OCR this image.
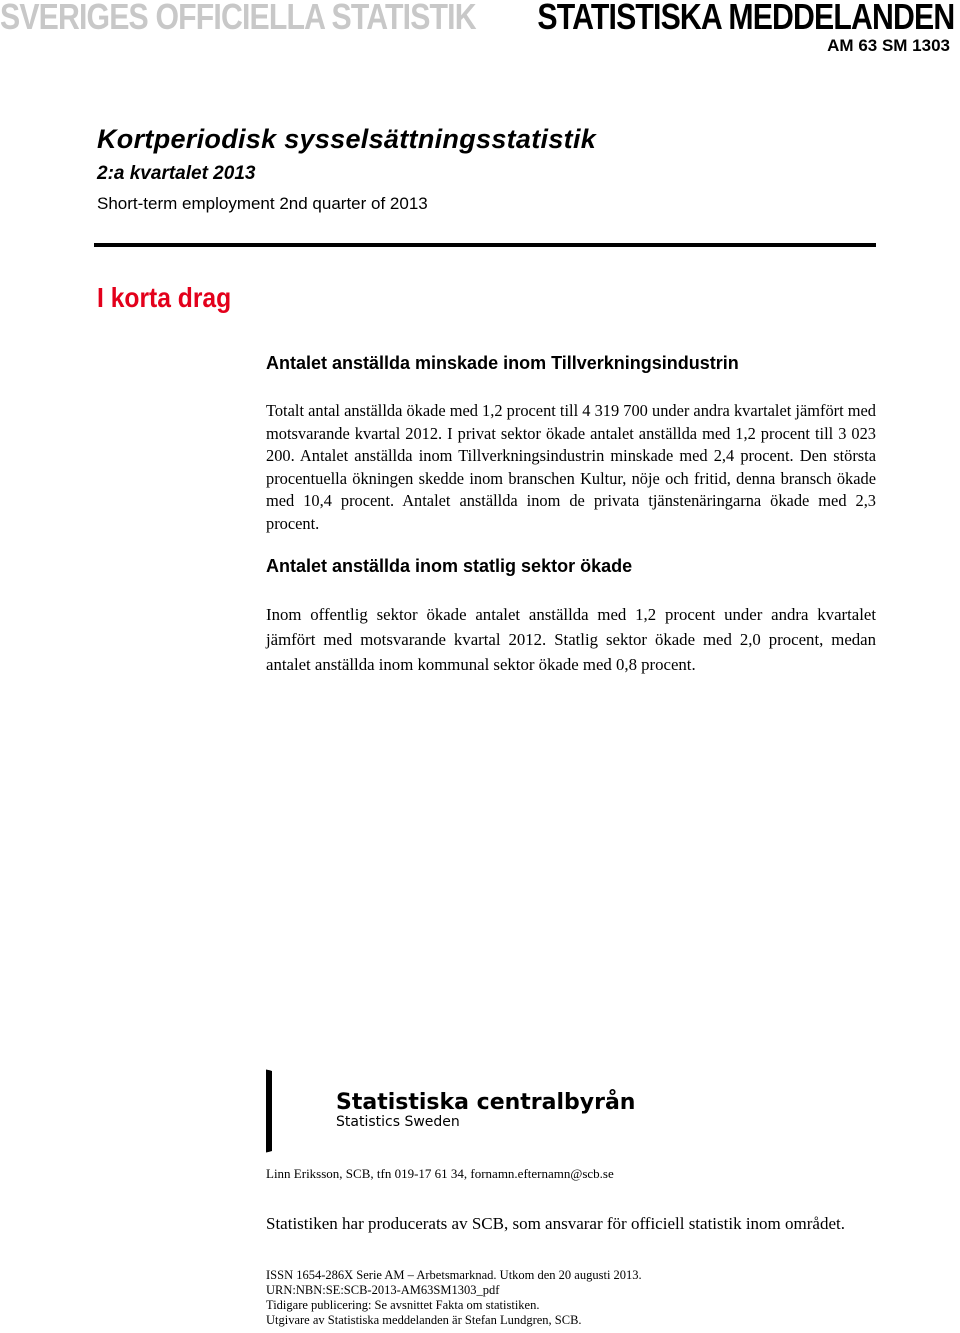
SVERIGES OFFICIELLA STATISTIK STATISTISKA MEDDELANDEN
AM 63 SM 1303
Kortperiodisk sysselsättningsstatistik
2:a kvartalet 2013
Short-term employment 2nd quarter of 2013
I korta drag
Antalet anställda minskade inom Tillverkningsindustrin
Totalt antal anställda ökade med 1,2 procent till 4 319 700 under andra kvartalet jämfört med motsvarande kvartal 2012. I privat sektor ökade antalet anställda med 1,2 procent till 3 023 200. Antalet anställda inom Tillverkningsindustrin minskade med 2,4 procent. Den största procentuella ökningen skedde inom branschen Kultur, nöje och fritid, denna bransch ökade med 10,4 procent. Antalet anställda inom de privata tjänstenäringarna ökade med 2,3 procent.
Antalet anställda inom statlig sektor ökade
Inom offentlig sektor ökade antalet anställda med 1,2 procent under andra kvartalet jämfört med motsvarande kvartal 2012. Statlig sektor ökade med 2,0 procent, medan antalet anställda inom kommunal sektor ökade med 0,8 procent.
SCB Statistiska centralbyrån
Statistics Sweden
Linn Eriksson, SCB, tfn 019-17 61 34, fornamn.efternamn@scb.se
Statistiken har producerats av SCB, som ansvarar för officiell statistik inom området.
ISSN 1654-286X Serie AM – Arbetsmarknad. Utkom den 20 augusti 2013.
URN:NBN:SE:SCB-2013-AM63SM1303_pdf
Tidigare publicering: Se avsnittet Fakta om statistiken.
Utgivare av Statistiska meddelanden är Stefan Lundgren, SCB.
